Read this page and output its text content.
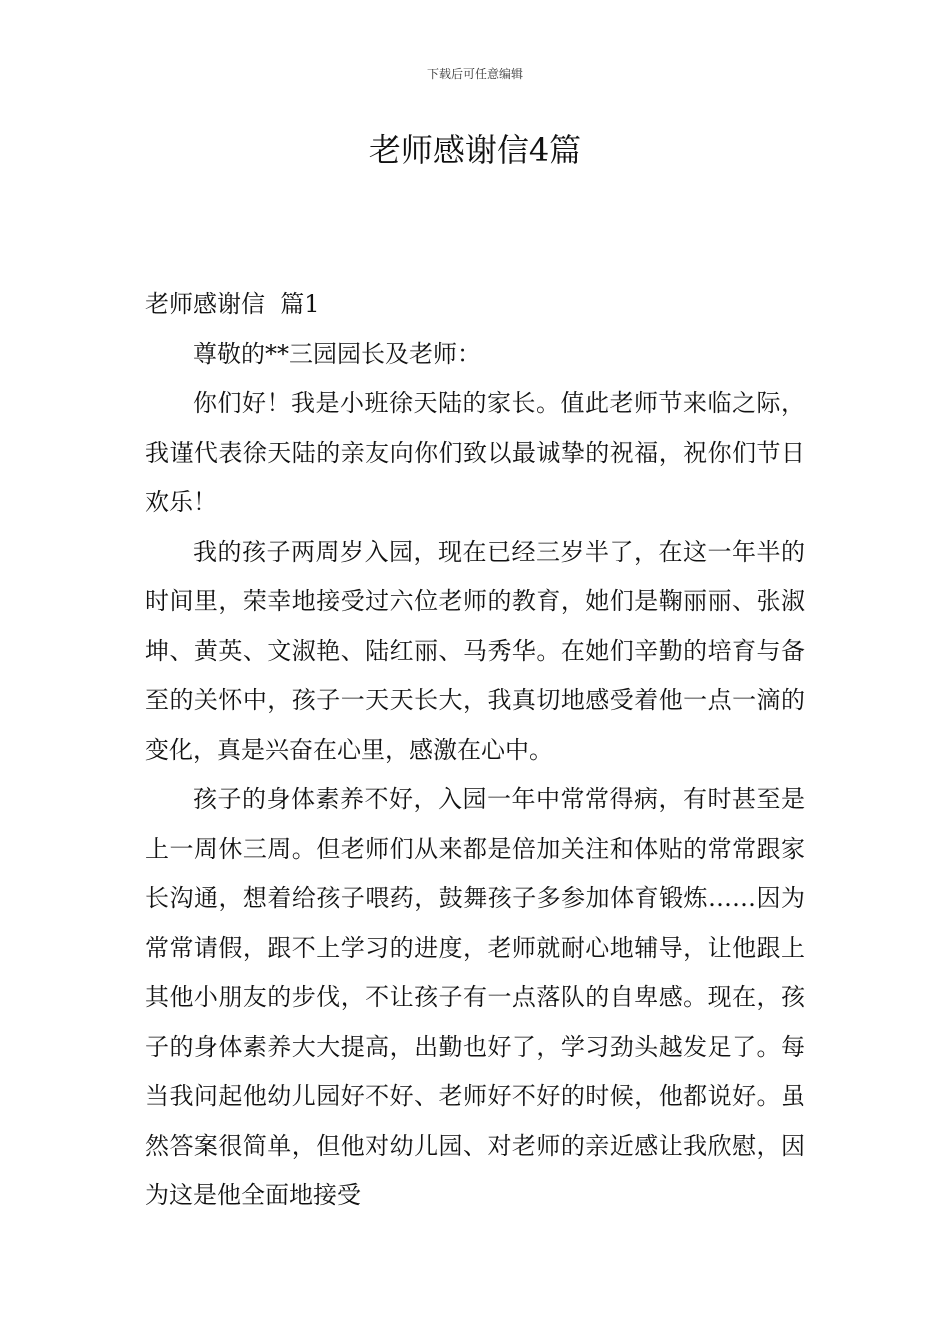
下载后可任意编辑
老师感谢信4篇

老师感谢信  篇1

尊敬的**三园园长及老师：

你们好！我是小班徐天陆的家长。值此老师节来临之际，我谨代表徐天陆的亲友向你们致以最诚挚的祝福，祝你们节日欢乐！

我的孩子两周岁入园，现在已经三岁半了，在这一年半的时间里，荣幸地接受过六位老师的教育，她们是鞠丽丽、张淑坤、黄英、文淑艳、陆红丽、马秀华。在她们辛勤的培育与备至的关怀中，孩子一天天长大，我真切地感受着他一点一滴的变化，真是兴奋在心里，感激在心中。

孩子的身体素养不好，入园一年中常常得病，有时甚至是上一周休三周。但老师们从来都是倍加关注和体贴的常常跟家长沟通，想着给孩子喂药，鼓舞孩子多参加体育锻炼……因为常常请假，跟不上学习的进度，老师就耐心地辅导，让他跟上其他小朋友的步伐，不让孩子有一点落队的自卑感。现在，孩子的身体素养大大提高，出勤也好了，学习劲头越发足了。每当我问起他幼儿园好不好、老师好不好的时候，他都说好。虽然答案很简单，但他对幼儿园、对老师的亲近感让我欣慰，因为这是他全面地接受
